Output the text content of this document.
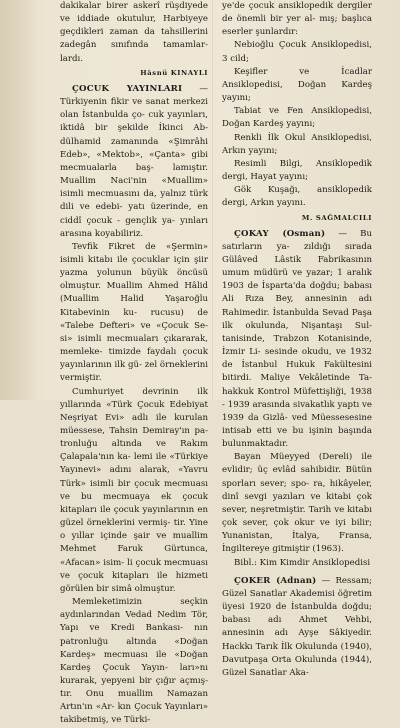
dakikalar birer askerî rüşdiyede ve iddiade okutulur, Harbiyeye geçdikleri zaman da tahsillerini zadegân sınıfında tamamlar- lardı.

Hâsnü KINAYLI

ÇOCUK YAYINLARI — Türkiyenin fikir ve sanat merkezi olan İstanbulda ço- cuk yayınları, iktidâ bir şekilde İkinci Ab- dülhamid zamanında «Şimrâhi Edeb», «Mektob», «Çanta» gibi mecmualarla baş- lamıştır. Muallim Naci'nin «Muallim» isimli mecmuasını da, yalnız türk dili ve edebi- yatı üzerinde, en ciddî çocuk - gençlik ya- yınları arasına koyabiliriz.

Tevfik Fikret de «Şermin» isimli kitabı ile çocuklar için şiir yazma yolunun büyük öncüsü olmuştur. Muallim Ahmed Hâlid (Muallim Halid Yaşaroğlu Kitabevinin ku- rucusu) de «Talebe Defteri» ve «Çocuk Se- si» isimli mecmuaları çıkararak, memleke- timizde faydalı çocuk yayınlarının ilk gü- zel örneklerini vermiştir.

Cumhuriyet devrinin ilk yıllarında «Türk Çocuk Edebiyat Neşriyat Evi» adlı ile kurulan müessese, Tahsin Demiray'ın pa- tronluğu altında ve Rakım Çalapala'nın ka- lemi ile «Türkiye Yayınevi» adını alarak, «Yavru Türk» isimli bir çocuk mecmuası ve bu mecmuaya ek çocuk kitapları ile çocuk yayınlarının en güzel örneklerini vermiş- tir. Yine o yıllar içinde şair ve muallim Mehmet Faruk Gürtunca, «Afacan» isim- li çocuk mecmuası ve çocuk kitapları ile hizmeti görülen bir simâ olmuştur.

Memleketimizin seçkin aydınlarından Vedad Nedim Tör, Yapı ve Kredi Bankası- nın patronluğu altında «Doğan Kardeş» mecmuası ile «Doğan Kardeş Çocuk Yayın- ları»nı kurarak, yepyeni bir çığır açmış- tır. Onu muallim Namazan Artın'ın «Ar- kın Çocuk Yayınları» takibetmiş, ve Türki-

ye'de çocuk ansiklopedik dergiler de önemli bir yer al- mış; başlıca eserler şunlardır:

Nebioğlu Çocuk Ansiklopedisi, 3 cild;

Keşifler ve İcadlar Ansiklopedisi, Doğan Kardeş yayını;

Tabiat ve Fen Ansiklopedisi, Doğan Kardeş yayını;

Renkli İlk Okul Ansiklopedisi, Arkın yayını;

Resimli Bilgi, Ansiklopedik dergi, Hayat yayını;

Gök Kuşağı, ansiklopedik dergi, Arkın yayını.

M. SAĞMALCILI

ÇOKAY (Osman) — Bu satırların ya- zıldığı sırada Gülâved Lâstik Fabrikasının umum müdürü ve yazar; 1 aralık 1903 de İsparta'da doğdu; babası Ali Rıza Bey, annesinin adı Rahimedir. İstanbulda Sevad Paşa ilk okulunda, Nişantaşı Sul- tanisinde, Trabzon Kotanisinde, İzmir Li- sesinde okudu, ve 1932 de İstanbul Hukuk Fakültesini bitirdi. Maliye Vekâletinde Ta- hakkuk Kontrol Müfettişliği, 1938 - 1939 arasında sivakatlık yaptı ve 1939 da Gizlâ- ved Müessesesine intisab etti ve bu işinin başında bulunmaktadır.

Bayan Müeyyed (Dereli) ile evlidir; üç evlâd sahibidir. Bütün sporları sever; spo- ra, hikâyeler, dinî sevgi yazıları ve kitabi çok sever, neşretmiştir. Tarih ve kitabı çok sever, çok okur ve iyi bilir; Yunanistan, İtalya, Fransa, İngiltereye gitmiştir (1963).

Bibl.: Kim Kimdir Ansiklopedisi

ÇOKER (Adnan) — Ressam; Güzel Sanatlar Akademisi öğretim üyesi 1920 de İstanbulda doğdu; babası adı Ahmet Vehbi, annesinin adı Ayşe Sâkiyedir. Hackkı Tarık İlk Okulunda (1940), Davutpaşa Orta Okulunda (1944), Güzel Sanatlar Aka-
